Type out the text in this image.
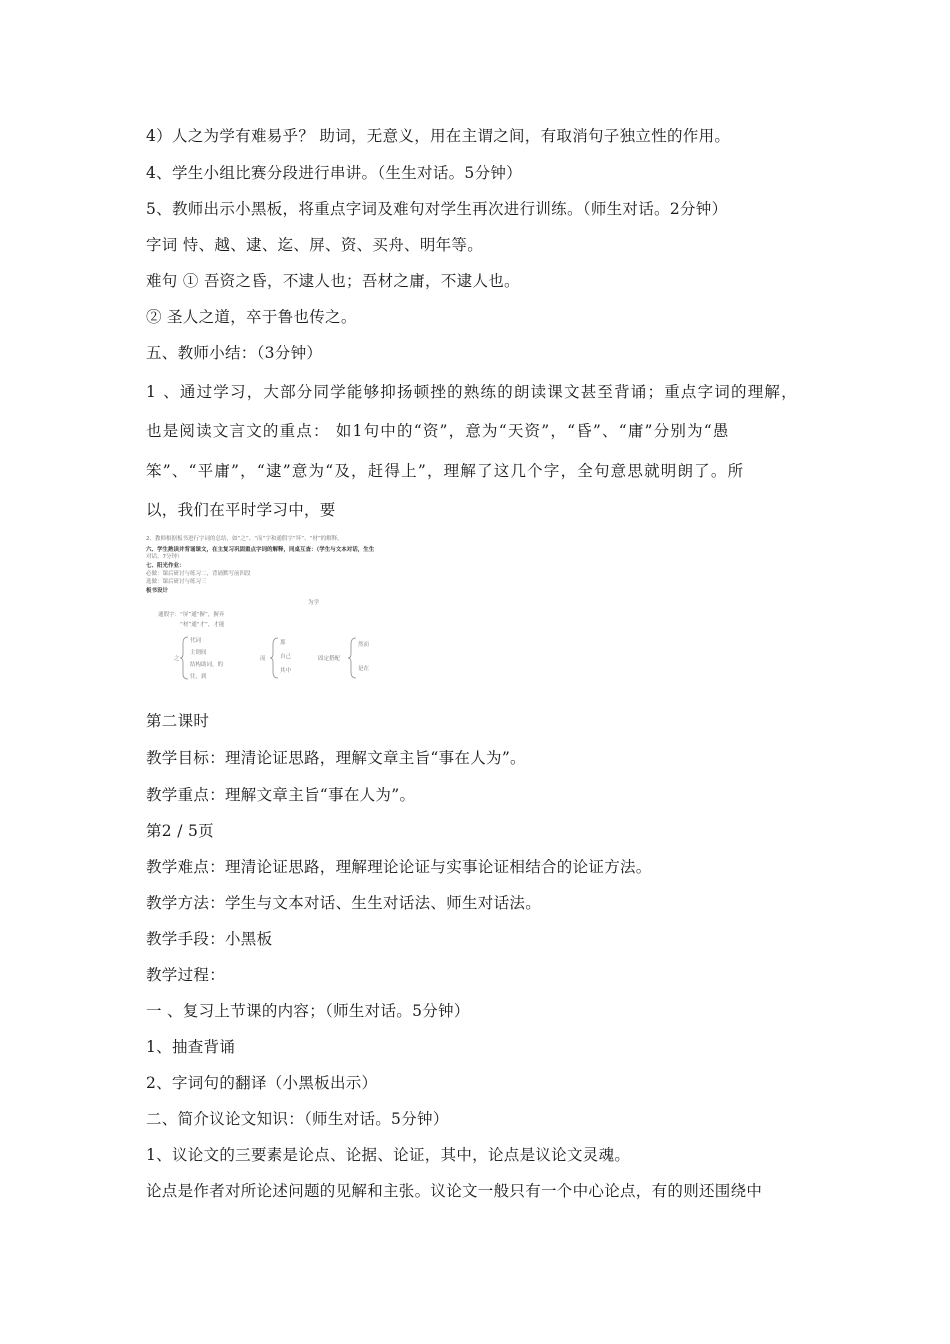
4）人之为学有难易乎？ 助词，无意义，用在主谓之间，有取消句子独立性的作用。
4、学生小组比赛分段进行串讲。（生生对话。5分钟）
5、教师出示小黑板，将重点字词及难句对学生再次进行训练。（师生对话。2分钟）
字词 恃、越、逮、迄、屏、资、买舟、明年等。
难句 ① 吾资之昏，不逮人也；吾材之庸，不逮人也。
② 圣人之道，卒于鲁也传之。
五、教师小结：（3分钟）
1 、通过学习，大部分同学能够抑扬顿挫的熟练的朗读课文甚至背诵；重点字词的理解，
也是阅读文言文的重点： 如1句中的“资”，意为“天资”，“昏”、“庸”分别为“愚
笨”、“平庸”，“逮”意为“及，赶得上”，理解了这几个字，全句意思就明朗了。所
以，我们在平时学习中，要
2、教师根据板书进行字词的总结，如“之”、“而”字和通假字“坏”、“材”的解释。
六、学生熟读并背诵课文，在主复习巩固重点字词的解释，同桌互查：（学生与文本对话，生生
对话。7分钟）
七、阳光作业：
必做：课后研讨与练习二，背诵默写前四段
选做：课后研讨与练习三
板书设计
为学
通假字：“屏”通“摒”，摒弃
“材”通“才”，才能
之
代词
主谓间
结构助词，的
往，到
而
那
自己
其中
固定搭配
然而
是在
第二课时
教学目标：理清论证思路，理解文章主旨“事在人为”。
教学重点：理解文章主旨“事在人为”。
第2 / 5页
教学难点：理清论证思路，理解理论论证与实事论证相结合的论证方法。
教学方法：学生与文本对话、生生对话法、师生对话法。
教学手段：小黑板
教学过程：
一 、复习上节课的内容；（师生对话。5分钟）
1、抽查背诵
2、字词句的翻译（小黑板出示）
二、简介议论文知识：（师生对话。5分钟）
1、议论文的三要素是论点、论据、论证，其中，论点是议论文灵魂。
论点是作者对所论述问题的见解和主张。议论文一般只有一个中心论点，有的则还围绕中
